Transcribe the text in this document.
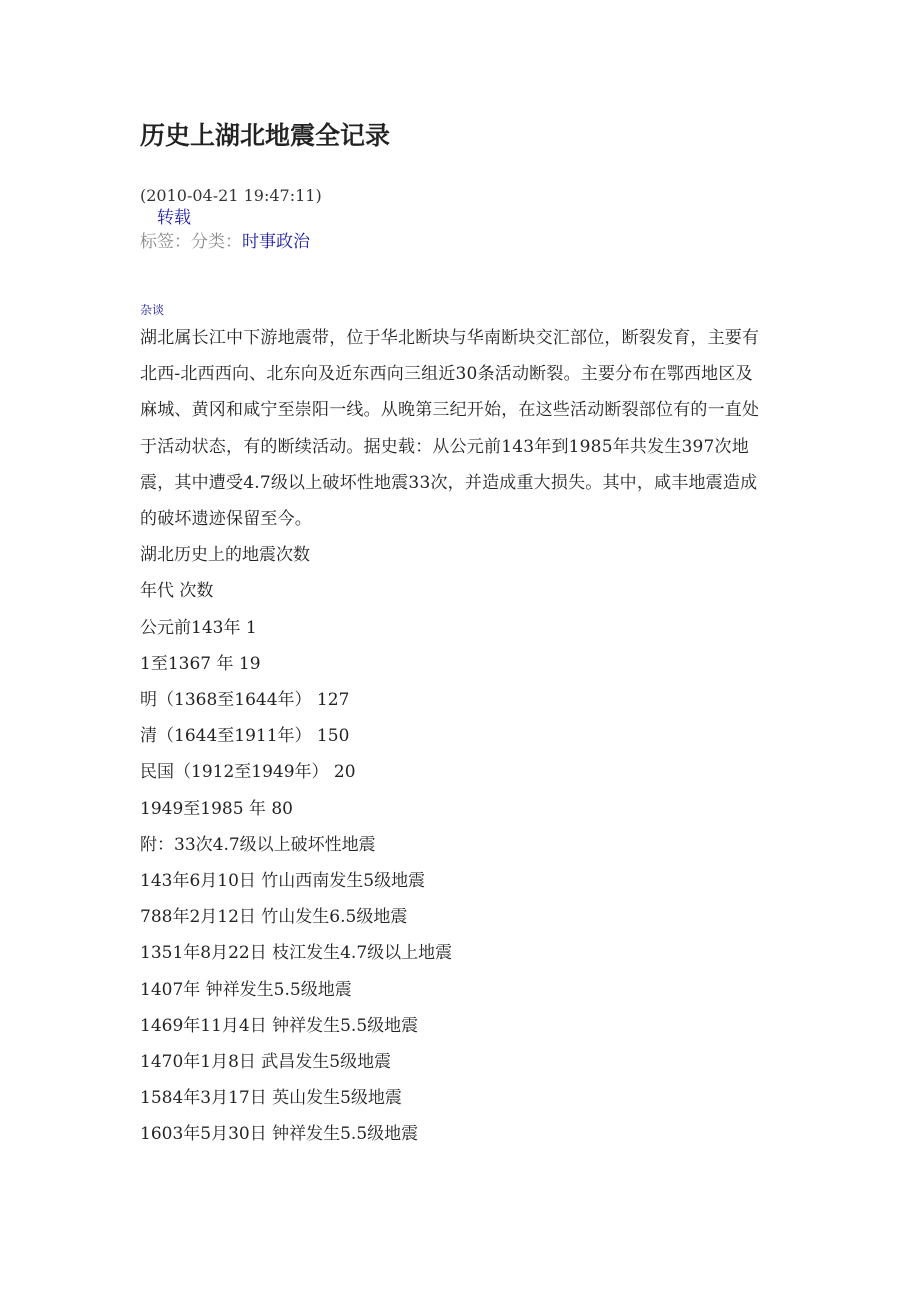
历史上湖北地震全记录
(2010-04-21 19:47:11)
转载
标签：分类：时事政治
杂谈

湖北属长江中下游地震带，位于华北断块与华南断块交汇部位，断裂发育，主要有北西-北西西向、北东向及近东西向三组近30条活动断裂。主要分布在鄂西地区及麻城、黄冈和咸宁至崇阳一线。从晚第三纪开始，在这些活动断裂部位有的一直处于活动状态，有的断续活动。据史载：从公元前143年到1985年共发生397次地震，其中遭受4.7级以上破坏性地震33次，并造成重大损失。其中，咸丰地震造成的破坏遗迹保留至今。

湖北历史上的地震次数

年代 次数

公元前143年 1

1至1367 年 19

明（1368至1644年） 127

清（1644至1911年） 150

民国（1912至1949年） 20

1949至1985 年 80

附：33次4.7级以上破坏性地震

143年6月10日 竹山西南发生5级地震

788年2月12日 竹山发生6.5级地震

1351年8月22日 枝江发生4.7级以上地震

1407年 钟祥发生5.5级地震

1469年11月4日 钟祥发生5.5级地震

1470年1月8日 武昌发生5级地震

1584年3月17日 英山发生5级地震

1603年5月30日 钟祥发生5.5级地震
